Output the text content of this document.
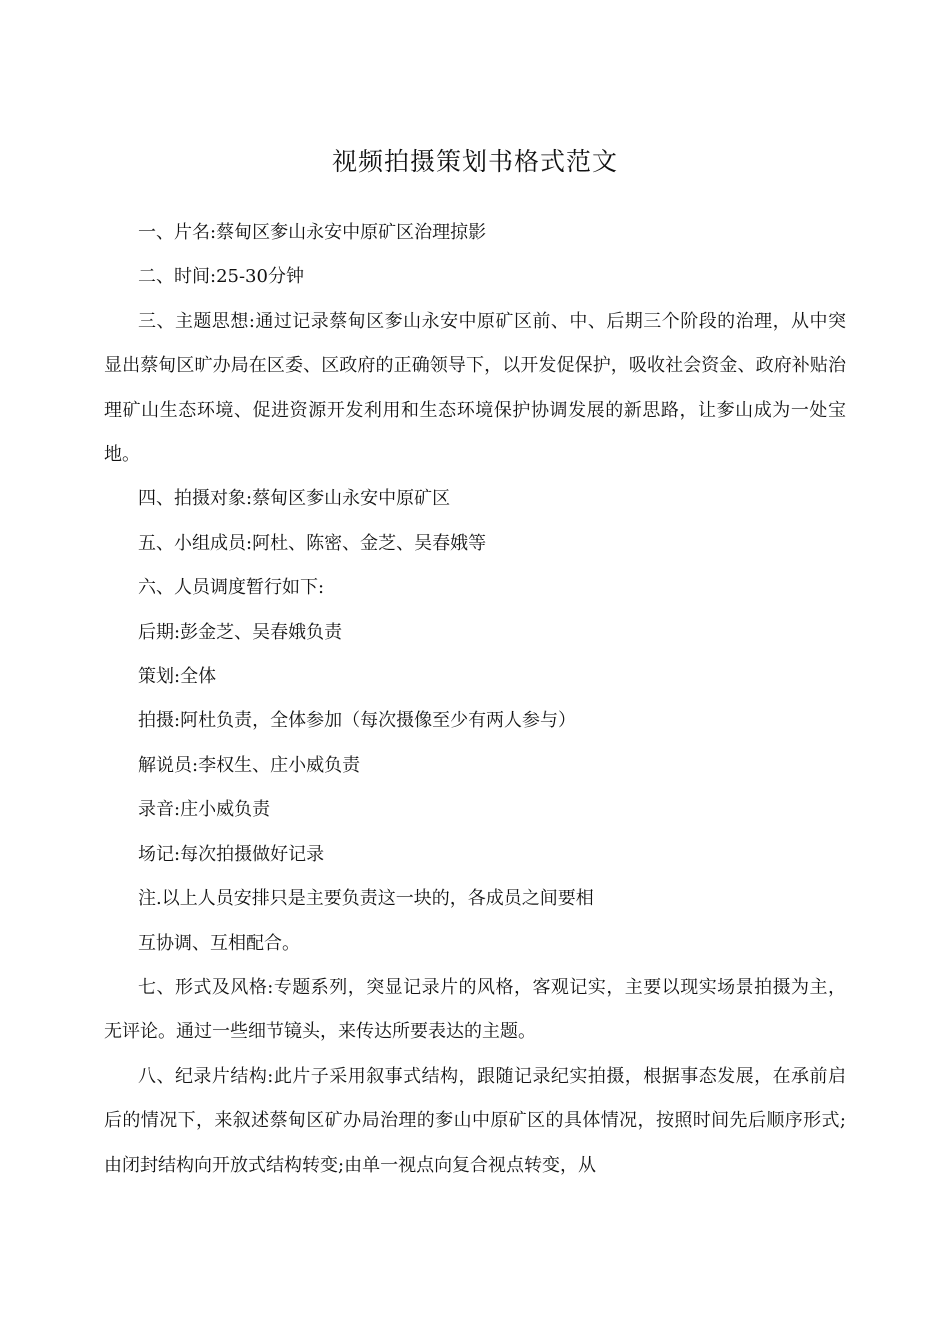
视频拍摄策划书格式范文

一、片名:蔡甸区奓山永安中原矿区治理掠影

二、时间:25-30分钟

三、主题思想:通过记录蔡甸区奓山永安中原矿区前、中、后期三个阶段的治理，从中突显出蔡甸区旷办局在区委、区政府的正确领导下，以开发促保护，吸收社会资金、政府补贴治理矿山生态环境、促进资源开发利用和生态环境保护协调发展的新思路，让奓山成为一处宝地。

四、拍摄对象:蔡甸区奓山永安中原矿区

五、小组成员:阿杜、陈密、金芝、吴春娥等

六、人员调度暂行如下:

后期:彭金芝、吴春娥负责

策划:全体

拍摄:阿杜负责，全体参加（每次摄像至少有两人参与）

解说员:李权生、庄小威负责

录音:庄小威负责

场记:每次拍摄做好记录

注.以上人员安排只是主要负责这一块的，各成员之间要相

互协调、互相配合。

七、形式及风格:专题系列，突显记录片的风格，客观记实，主要以现实场景拍摄为主，无评论。通过一些细节镜头，来传达所要表达的主题。

八、纪录片结构:此片子采用叙事式结构，跟随记录纪实拍摄，根据事态发展，在承前启后的情况下，来叙述蔡甸区矿办局治理的奓山中原矿区的具体情况，按照时间先后顺序形式;由闭封结构向开放式结构转变;由单一视点向复合视点转变，从
